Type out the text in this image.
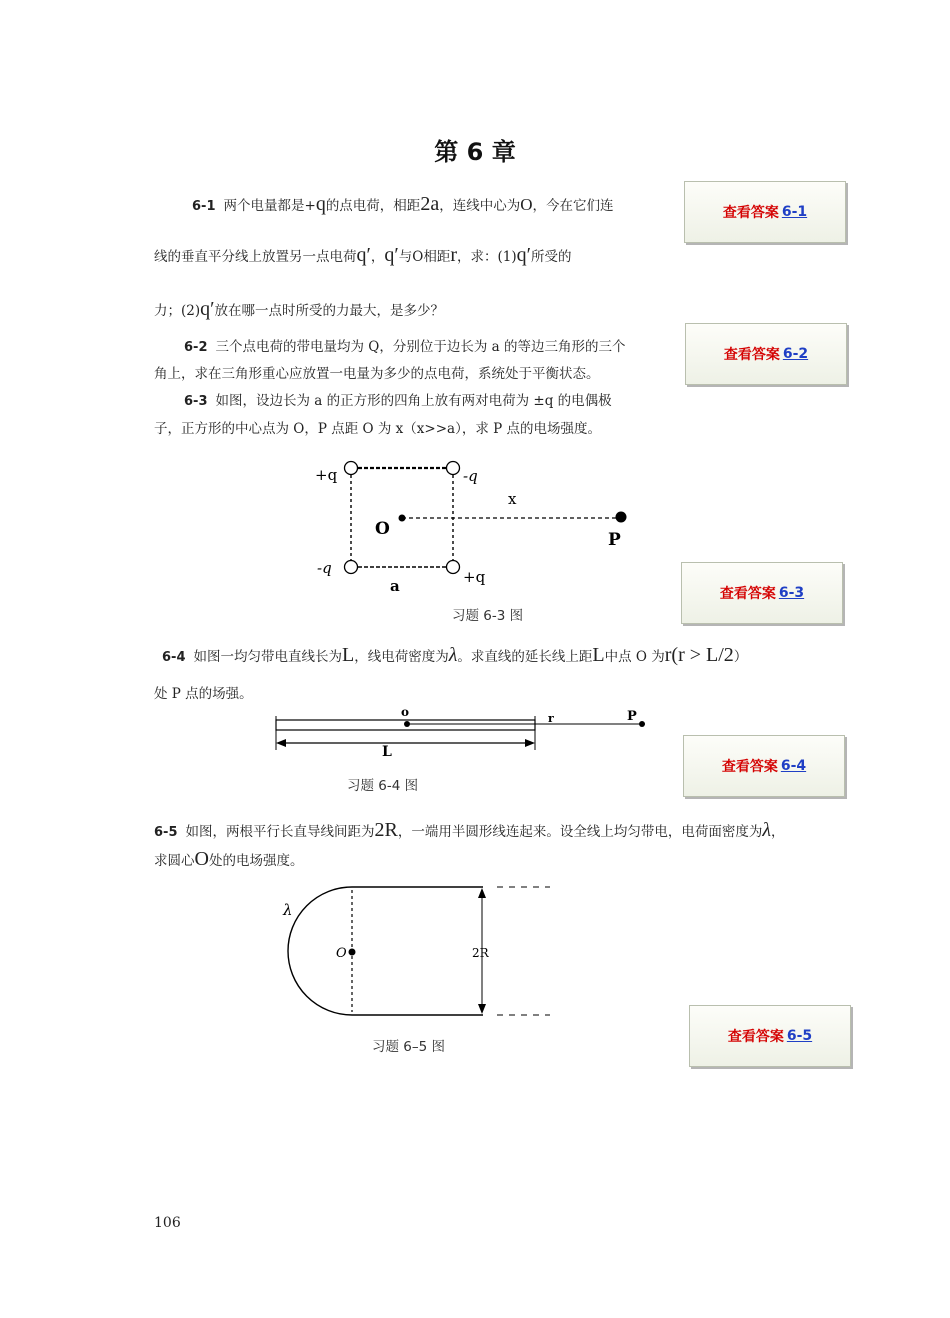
第 6 章
6-1 两个电量都是+q的点电荷，相距2a，连线中心为O，今在它们连
线的垂直平分线上放置另一点电荷q′，q′与O相距r，求：(1)q′所受的
力；(2)q′放在哪一点时所受的力最大，是多少？
6-2 三个点电荷的带电量均为 Q，分别位于边长为 a 的等边三角形的三个
角上，求在三角形重心应放置一电量为多少的点电荷，系统处于平衡状态。
6-3 如图，设边长为 a 的正方形的四角上放有两对电荷为 ±q 的电偶极
子，正方形的中心点为 O，P 点距 O 为 x（x>>a），求 P 点的电场强度。
+q	-q
-q	+q
O
x
P
a
习题 6-3 图
6-4 如图一均匀带电直线长为L，线电荷密度为λ。求直线的延长线上距L中点 O 为r(r > L/2）
处 P 点的场强。
o	r	P
L
习题 6-4 图
6-5 如图，两根平行长直导线间距为2R，一端用半圆形线连起来。设全线上均匀带电，电荷面密度为λ，
求圆心O处的电场强度。
λ
O	2R
习题 6–5 图
查看答案 6-1
查看答案 6-2
查看答案 6-3
查看答案 6-4
查看答案 6-5
106
